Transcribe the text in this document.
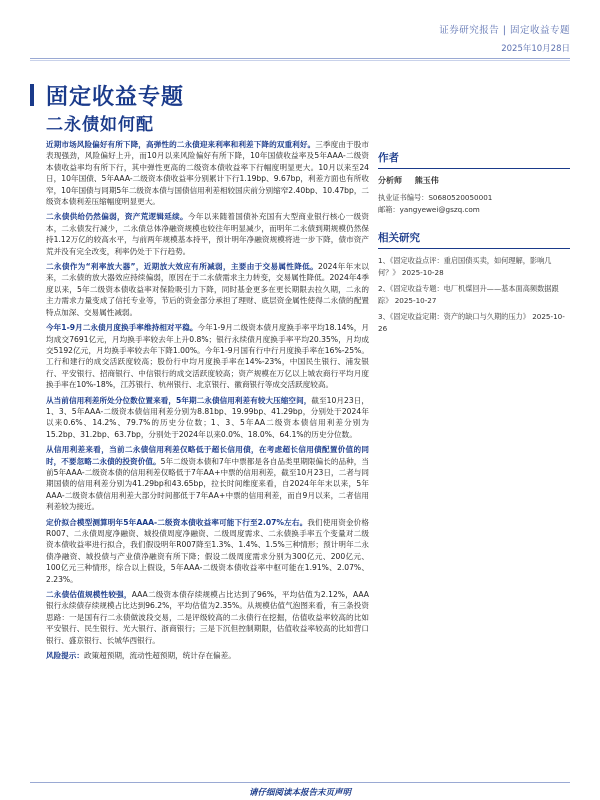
证券研究报告 | 固定收益专题
2025年10月28日
固定收益专题
二永债如何配

近期市场风险偏好有所下降，高弹性的二永债迎来利率和利差下降的双重利好。三季度由于股市表现强劲，风险偏好上升，而10月以来风险偏好有所下降，10年国债收益率及5年AAA-二级资本债收益率均有所下行，其中弹性更高的二级资本债收益率下行幅度明显更大。10月以来至24日，10年国债、5年AAA-二级资本债收益率分别累计下行1.19bp、9.67bp，利差方面也有所收窄，10年国债与同期5年二级资本债与国债信用利差相较国庆前分别缩窄2.40bp、10.47bp，二级资本债利差压缩幅度明显更大。

二永债供给仍然偏弱，资产荒逻辑延续。今年以来随着国债补充国有大型商业银行核心一级资本，二永债发行减少，二永债总体净融资规模也较往年明显减少，而明年二永债到期规模仍然保持1.12万亿的较高水平，与前两年规模基本持平，预计明年净融资规模将进一步下降，债市资产荒并没有完全改变，利率仍处于下行趋势。

二永债作为“利率放大器”，近期放大效应有所减弱，主要由于交易属性降低。2024年年末以来，二永债的放大器效应持续偏弱，原因在于二永债需求主力转变，交易属性降低。2024年4季度以来，5年二级资本债收益率对保险吸引力下降，同时基金更多在更长期限去拉久期，二永的主力需求力量变成了信托专业等，节后的资金部分承担了理财、底层资金属性使得二永债的配置特点加深、交易属性减弱。

今年1-9月二永债月度换手率维持相对平稳。今年1-9月二级资本债月度换手率平均18.14%，月均成交7691亿元，月均换手率较去年上升0.8%；银行永续债月度换手率平均20.35%，月均成交5192亿元，月均换手率较去年下降1.00%。今年1-9月国有行中行月度换手率在16%-25%。工行和建行的成交活跃度较高；股份行中均月度换手率在14%-23%，中国民生银行、浦发银行、平安银行、招商银行、中信银行的成交活跃度较高；资产规模在万亿以上城农商行平均月度换手率在10%-18%，江苏银行、杭州银行、北京银行、徽商银行等成交活跃度较高。

从当前信用利差所处分位数位置来看，5年期二永债信用利差有较大压缩空间，截至10月23日，1、3、5年AAA-二级资本债信用利差分别为8.81bp、19.99bp、41.29bp，分别处于2024年以来0.6%、14.2%、79.7%的历史分位数；1、3、5年AA二级资本债信用利差分别为15.2bp、31.2bp、63.7bp，分别处于2024年以来0.0%、18.0%、64.1%的历史分位数。

从信用利差来看，当前二永债信用利差仅略低于超长信用债，在考虑超长信用债配置价值的同时，不要忽略二永债的投资价值。5年二级资本债和7年中票都是各自品类里期限偏长的品种，当前5年AAA-二级资本债的信用利差仅略低于7年AA+中票的信用利差，截至10月23日，二者与同期国债的信用利差分别为41.29bp和43.65bp，拉长时间维度来看，自2024年年末以来，5年AAA-二级资本债信用利差大部分时间都低于7年AA+中票的信用利差，而自9月以来，二者信用利差较为接近。

定价拟合模型测算明年5年AAA-二级资本债收益率可能下行至2.07%左右。我们使用资金价格R007、二永债周度净融资、城投债周度净融资、二级周度需求、二永债换手率五个变量对二级资本债收益率进行拟合，我们假设明年R007降至1.3%、1.4%、1.5%三种情形；预计明年二永债净融资、城投债与产业债净融资有所下降；假设二级周度需求分别为300亿元、200亿元、100亿元三种情形，综合以上假设，5年AAA-二级资本债收益率中枢可能在1.91%、2.07%、2.23%。

二永债估值规模性较强，AAA二级资本债存续规模占比达到了96%，平均估值为2.12%，AAA银行永续债存续规模占比达到96.2%，平均估值为2.35%。从规模估值气泡图来看，有三条投资思路：一是国有行二永债做波段交易，二是评级较高的二永债行在挖掘，估值收益率较高的比如平安银行、民生银行、光大银行、浙商银行；三是下沉但控制期限，估值收益率较高的比如营口银行、盛京银行、长城华西银行。

风险提示：政策超预期，流动性超预期，统计存在偏差。

作者
分析师 熊玉伟
执业证书编号：S0680520050001
邮箱：yangyewei@gszq.com
相关研究
1、《固定收益点评：重启国债买卖，如何理解，影响几何？》 2025-10-28
2、《固定收益专题：电厂机煤回升——基本面高频数据跟踪》 2025-10-27
3、《固定收益定期：资产的缺口与久期的压力》 2025-10-26
请仔细阅读本报告末页声明
